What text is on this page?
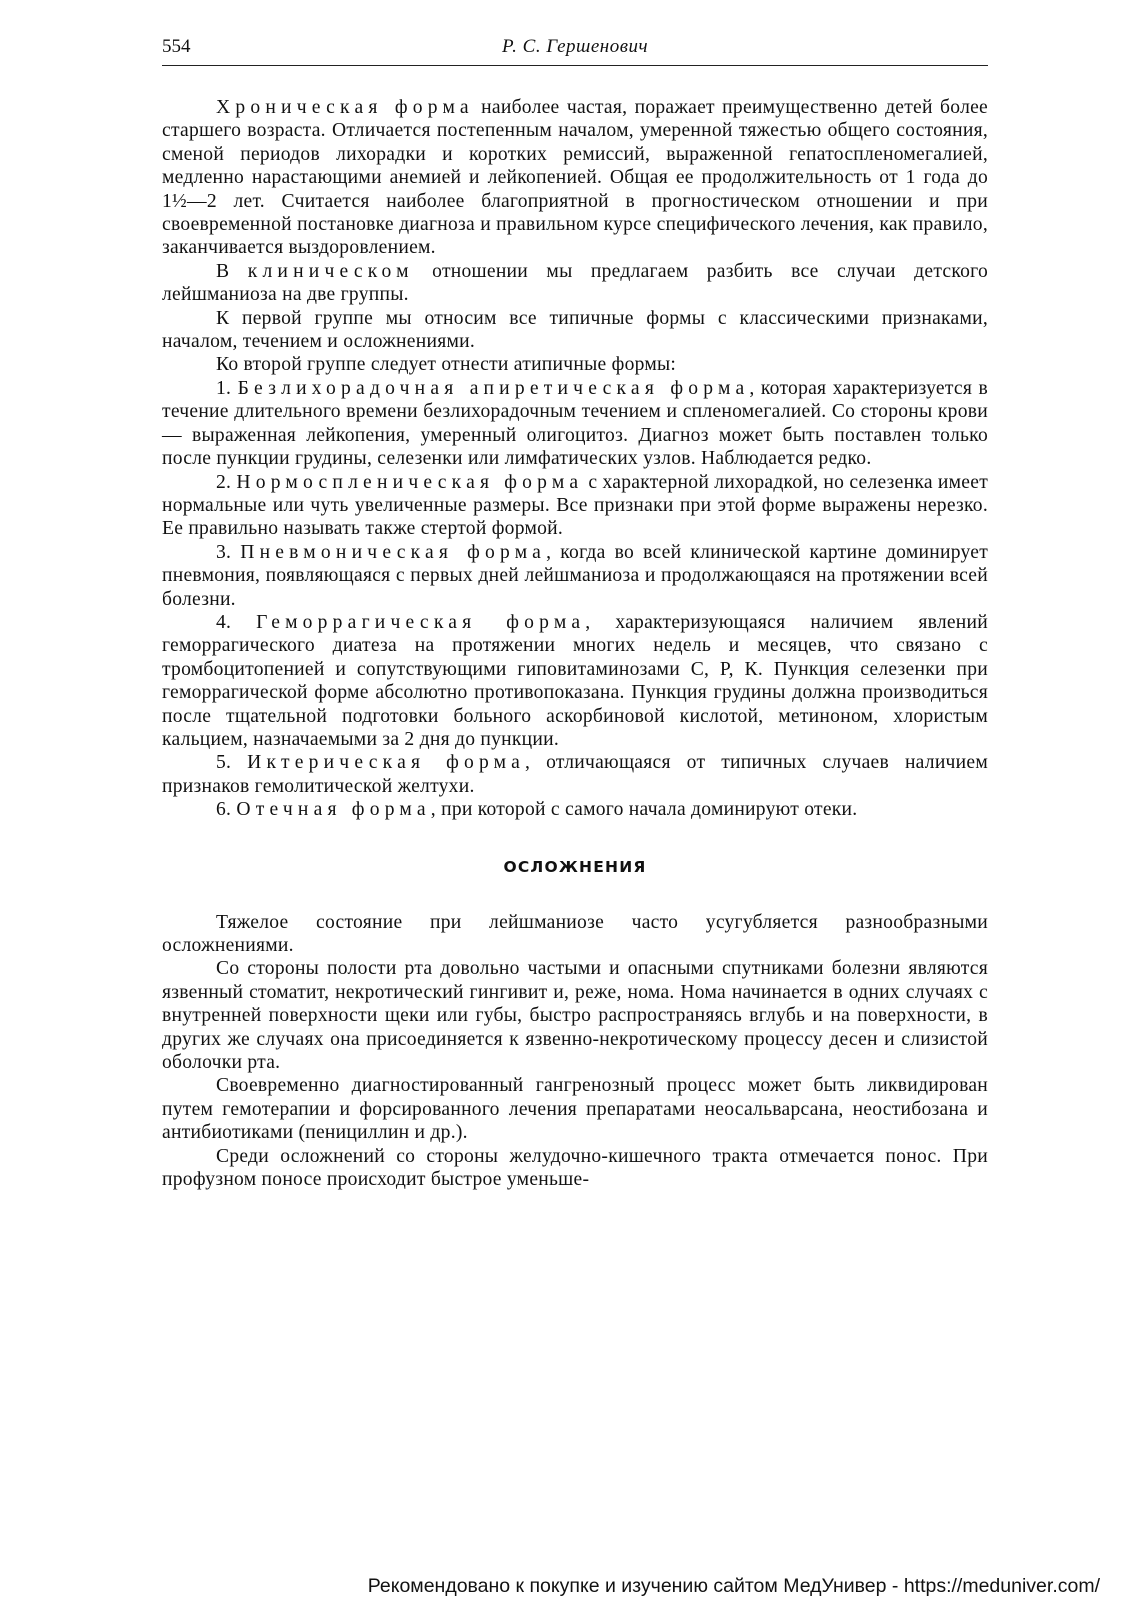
554	Р. С. Гершенович

Хроническая форма наиболее частая, поражает преимущественно детей более старшего возраста. Отличается постепенным началом, умеренной тяжестью общего состояния, сменой периодов лихорадки и коротких ремиссий, выраженной гепатоспленомегалией, медленно нарастающими анемией и лейкопенией. Общая ее продолжительность от 1 года до 1½—2 лет. Считается наиболее благоприятной в прогностическом отношении и при своевременной постановке диагноза и правильном курсе специфического лечения, как правило, заканчивается выздоровлением.

В клиническом отношении мы предлагаем разбить все случаи детского лейшманиоза на две группы.

К первой группе мы относим все типичные формы с классическими признаками, началом, течением и осложнениями.

Ко второй группе следует отнести атипичные формы:

1. Безлихорадочная апиретическая форма, которая характеризуется в течение длительного времени безлихорадочным течением и спленомегалией. Со стороны крови — выраженная лейкопения, умеренный олигоцитоз. Диагноз может быть поставлен только после пункции грудины, селезенки или лимфатических узлов. Наблюдается редко.

2. Нормоспленическая форма с характерной лихорадкой, но селезенка имеет нормальные или чуть увеличенные размеры. Все признаки при этой форме выражены нерезко. Ее правильно называть также стертой формой.

3. Пневмоническая форма, когда во всей клинической картине доминирует пневмония, появляющаяся с первых дней лейшманиоза и продолжающаяся на протяжении всей болезни.

4. Геморрагическая форма, характеризующаяся наличием явлений геморрагического диатеза на протяжении многих недель и месяцев, что связано с тромбоцитопенией и сопутствующими гиповитаминозами С, Р, К. Пункция селезенки при геморрагической форме абсолютно противопоказана. Пункция грудины должна производиться после тщательной подготовки больного аскорбиновой кислотой, метиноном, хлористым кальцием, назначаемыми за 2 дня до пункции.

5. Иктерическая форма, отличающаяся от типичных случаев наличием признаков гемолитической желтухи.

6. Отечная форма, при которой с самого начала доминируют отеки.

ОСЛОЖНЕНИЯ

Тяжелое состояние при лейшманиозе часто усугубляется разнообразными осложнениями.

Со стороны полости рта довольно частыми и опасными спутниками болезни являются язвенный стоматит, некротический гингивит и, реже, нома. Нома начинается в одних случаях с внутренней поверхности щеки или губы, быстро распространяясь вглубь и на поверхности, в других же случаях она присоединяется к язвенно-некротическому процессу десен и слизистой оболочки рта.

Своевременно диагностированный гангренозный процесс может быть ликвидирован путем гемотерапии и форсированного лечения препаратами неосальварсана, неостибозана и антибиотиками (пенициллин и др.).

Среди осложнений со стороны желудочно-кишечного тракта отмечается понос. При профузном поносе происходит быстрое уменьше-

Рекомендовано к покупке и изучению сайтом МедУнивер - https://meduniver.com/
